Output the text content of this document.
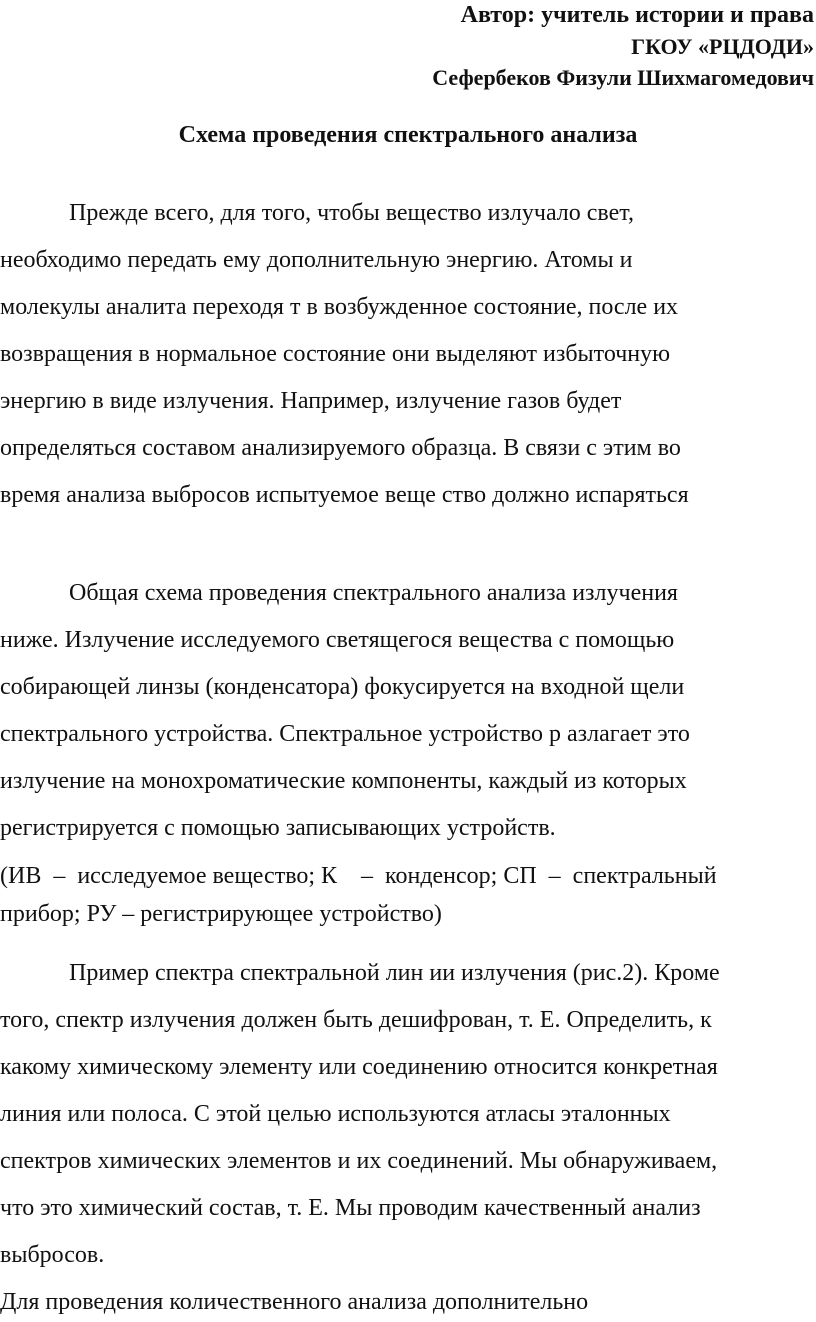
Автор: учитель истории и права
ГКОУ «РЦДОДИ»
Сефербеков Физули Шихмагомедович
Схема проведения спектрального анализа
Прежде всего, для того, чтобы вещество излучало свет,
необходимо передать ему дополнительную энергию. Атомы и
молекулы аналита переходя т в возбужденное состояние, после их
возвращения в нормальное состояние они выделяют избыточную
энергию в виде излучения. Например, излучение газов будет
определяться составом анализируемого образца. В связи с этим во
время анализа выбросов испытуемое веще ство должно испаряться
Общая схема проведения спектрального анализа излучения
ниже. Излучение исследуемого светящегося вещества с помощью
собирающей линзы (конденсатора) фокусируется на входной щели
спектрального устройства. Спектральное устройство р азлагает это
излучение на монохроматические компоненты, каждый из которых
регистрируется с помощью записывающих устройств.
(ИВ  –  исследуемое вещество; К    –  конденсор; СП  –  спектральный
прибор; РУ – регистрирующее устройство)
Пример спектра спектральной лин ии излучения (рис.2). Кроме
того, спектр излучения должен быть дешифрован, т. Е. Определить, к
какому химическому элементу или соединению относится конкретная
линия или полоса. С этой целью используются атласы эталонных
спектров химических элементов и их соединений. Мы обнаруживаем,
что это химический состав, т. Е. Мы проводим качественный анализ
выбросов.
Для проведения количественного анализа дополнительно
